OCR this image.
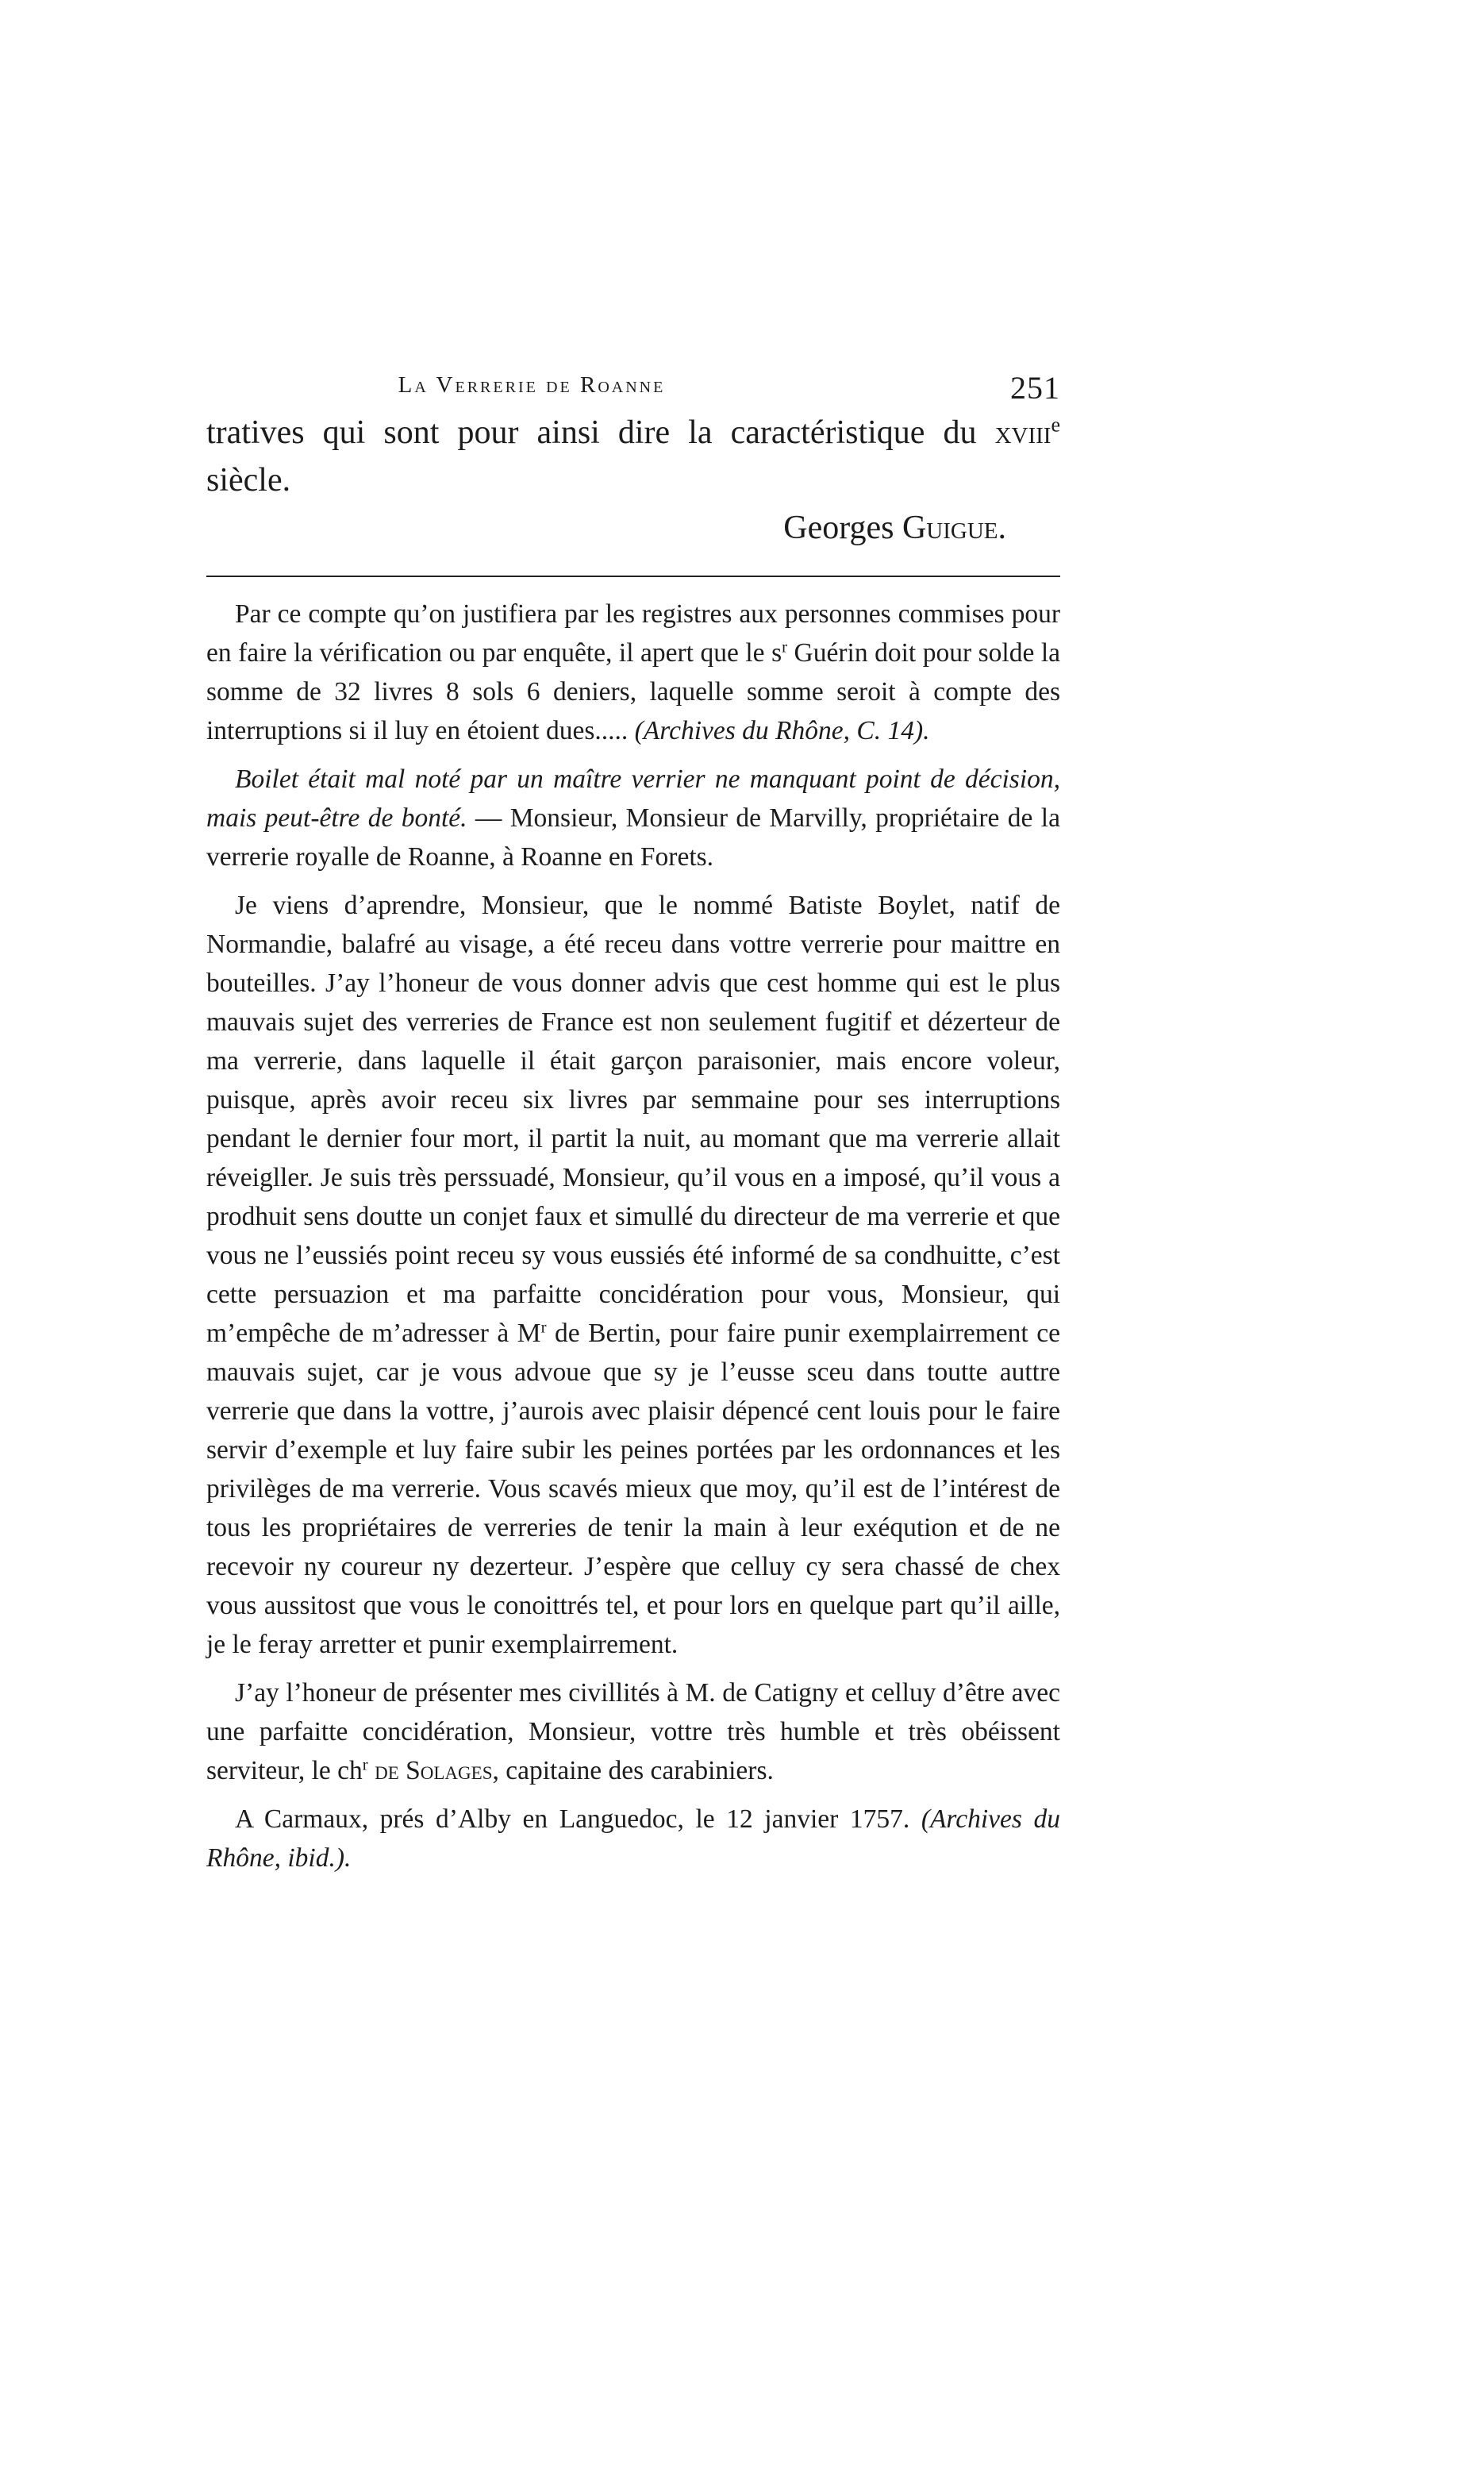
La Verrerie de Roanne	251

tratives qui sont pour ainsi dire la caractéristique du xviii$^e$ siècle.

Georges Guigue.

Par ce compte qu’on justifiera par les registres aux personnes commises pour en faire la vérification ou par enquête, il apert que le $s^r$ Guérin doit pour solde la somme de 32 livres 8 sols 6 deniers, laquelle somme seroit à compte des interruptions si il luy en étoient dues..... (Archives du Rhône, C. 14).

Boilet était mal noté par un maître verrier ne manquant point de décision, mais peut-être de bonté. — Monsieur, Monsieur de Marvilly, propriétaire de la verrerie royalle de Roanne, à Roanne en Forets.

Je viens d’aprendre, Monsieur, que le nommé Batiste Boylet, natif de Normandie, balafré au visage, a été receu dans vottre verrerie pour maittre en bouteilles. J’ay l’honeur de vous donner advis que cest homme qui est le plus mauvais sujet des verreries de France est non seulement fugitif et dézerteur de ma verrerie, dans laquelle il était garçon paraisonier, mais encore voleur, puisque, après avoir receu six livres par semmaine pour ses interruptions pendant le dernier four mort, il partit la nuit, au momant que ma verrerie allait réveigller. Je suis très perssuadé, Monsieur, qu’il vous en a imposé, qu’il vous a prodhuit sens doutte un conjet faux et simullé du directeur de ma verrerie et que vous ne l’eussiés point receu sy vous eussiés été informé de sa condhuitte, c’est cette persuazion et ma parfaitte concidération pour vous, Monsieur, qui m’empêche de m’adresser à $M^r$ de Bertin, pour faire punir exemplairrement ce mauvais sujet, car je vous advoue que sy je l’eusse sceu dans toutte auttre verrerie que dans la vottre, j’aurois avec plaisir dépencé cent louis pour le faire servir d’exemple et luy faire subir les peines portées par les ordonnances et les privilèges de ma verrerie. Vous scavés mieux que moy, qu’il est de l’intérest de tous les propriétaires de verreries de tenir la main à leur exéqution et de ne recevoir ny coureur ny dezerteur. J’espère que celluy cy sera chassé de chex vous aussitost que vous le conoittrés tel, et pour lors en quelque part qu’il aille, je le feray arretter et punir exemplairrement.

J’ay l’honeur de présenter mes civillités à M. de Catigny et celluy d’être avec une parfaitte concidération, Monsieur, vottre très humble et très obéissent serviteur, le $ch^r$ de Solages, capitaine des carabiniers.

A Carmaux, prés d’Alby en Languedoc, le 12 janvier 1757. (Archives du Rhône, ibid.).
